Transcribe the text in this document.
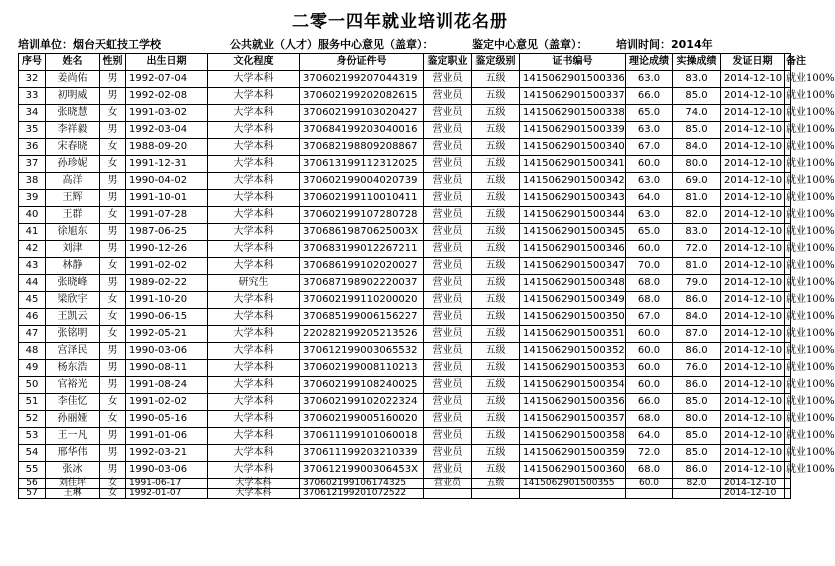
二零一四年就业培训花名册
培训单位：烟台天虹技工学校	公共就业（人才）服务中心意见（盖章）：	鉴定中心意见（盖章）：	培训时间：2014年
序号	姓名	性别	出生日期	文化程度	身份证件号	鉴定职业	鉴定级别	证书编号	理论成绩	实操成绩	发证日期	备注
32	姜尚佑	男	1992-07-04	大学本科	370602199207044319	营业员	五级	1415062901500336	63.0	83.0	2014-12-10	就业100%
33	初明威	男	1992-02-08	大学本科	370602199202082615	营业员	五级	1415062901500337	66.0	85.0	2014-12-10	就业100%
34	张晓慧	女	1991-03-02	大学本科	370602199103020427	营业员	五级	1415062901500338	65.0	74.0	2014-12-10	就业100%
35	李祥毅	男	1992-03-04	大学本科	370684199203040016	营业员	五级	1415062901500339	63.0	85.0	2014-12-10	就业100%
36	宋春晓	女	1988-09-20	大学本科	370682198809208867	营业员	五级	1415062901500340	67.0	84.0	2014-12-10	就业100%
37	孙珍妮	女	1991-12-31	大学本科	370613199112312025	营业员	五级	1415062901500341	60.0	80.0	2014-12-10	就业100%
38	高洋	男	1990-04-02	大学本科	370602199004020739	营业员	五级	1415062901500342	63.0	69.0	2014-12-10	就业100%
39	王辉	男	1991-10-01	大学本科	370602199110010411	营业员	五级	1415062901500343	64.0	81.0	2014-12-10	就业100%
40	王群	女	1991-07-28	大学本科	370602199107280728	营业员	五级	1415062901500344	63.0	82.0	2014-12-10	就业100%
41	徐旭东	男	1987-06-25	大学本科	37068619870625003X	营业员	五级	1415062901500345	65.0	83.0	2014-12-10	就业100%
42	刘津	男	1990-12-26	大学本科	370683199012267211	营业员	五级	1415062901500346	60.0	72.0	2014-12-10	就业100%
43	林静	女	1991-02-02	大学本科	370686199102020027	营业员	五级	1415062901500347	70.0	81.0	2014-12-10	就业100%
44	张晓峰	男	1989-02-22	研究生	370687198902220037	营业员	五级	1415062901500348	68.0	79.0	2014-12-10	就业100%
45	梁欣宇	女	1991-10-20	大学本科	370602199110200020	营业员	五级	1415062901500349	68.0	86.0	2014-12-10	就业100%
46	王凯云	女	1990-06-15	大学本科	370685199006156227	营业员	五级	1415062901500350	67.0	84.0	2014-12-10	就业100%
47	张铭明	女	1992-05-21	大学本科	220282199205213526	营业员	五级	1415062901500351	60.0	87.0	2014-12-10	就业100%
48	宫泽民	男	1990-03-06	大学本科	370612199003065532	营业员	五级	1415062901500352	60.0	86.0	2014-12-10	就业100%
49	杨东浩	男	1990-08-11	大学本科	370602199008110213	营业员	五级	1415062901500353	60.0	76.0	2014-12-10	就业100%
50	官裕光	男	1991-08-24	大学本科	370602199108240025	营业员	五级	1415062901500354	60.0	86.0	2014-12-10	就业100%
51	李佳忆	女	1991-02-02	大学本科	370602199102022324	营业员	五级	1415062901500356	66.0	85.0	2014-12-10	就业100%
52	孙丽娅	女	1990-05-16	大学本科	370602199005160020	营业员	五级	1415062901500357	68.0	80.0	2014-12-10	就业100%
53	王一凡	男	1991-01-06	大学本科	370611199101060018	营业员	五级	1415062901500358	64.0	85.0	2014-12-10	就业100%
54	邢华伟	男	1992-03-21	大学本科	370611199203210339	营业员	五级	1415062901500359	72.0	85.0	2014-12-10	就业100%
55	张冰	男	1990-03-06	大学本科	37061219900306453X	营业员	五级	1415062901500360	68.0	86.0	2014-12-10	就业100%
56	刘佳坪	女	1991-06-17	大学本科	370602199106174325	营业员	五级	1415062901500355	60.0	82.0	2014-12-10	
57	王琳	女	1992-01-07	大学本科	370612199201072522						2014-12-10	
